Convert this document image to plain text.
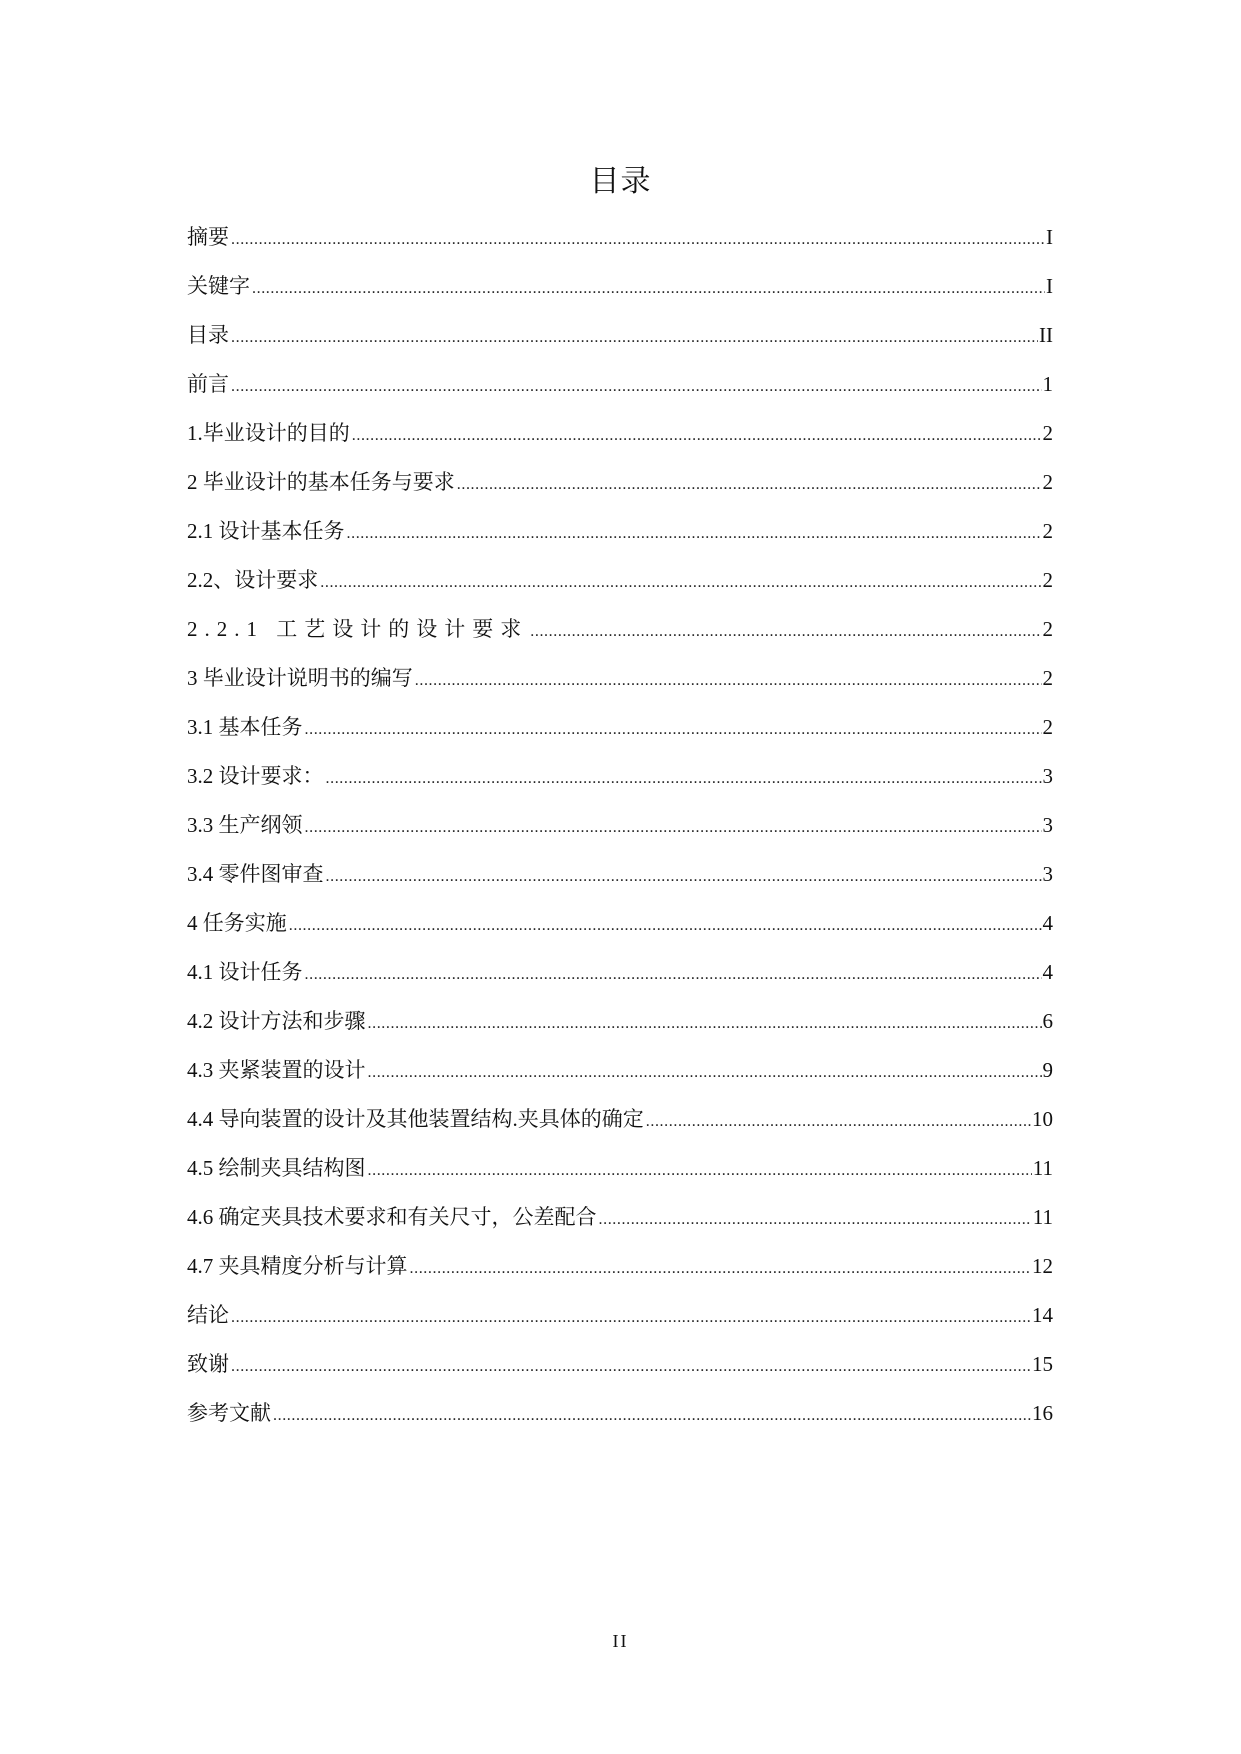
目录
摘要 .....	I
关键字 .....	I
目录 .....	II
前言 .....	1
1.毕业设计的目的 .....	2
2 毕业设计的基本任务与要求 .....	2
2.1 设计基本任务 .....	2
2.2、设计要求 .....	2
2.2.1 工艺设计的设计要求 .....	2
3 毕业设计说明书的编写 .....	2
3.1 基本任务 .....	2
3.2 设计要求： .....	3
3.3 生产纲领 .....	3
3.4 零件图审查 .....	3
4 任务实施 .....	4
4.1 设计任务 .....	4
4.2 设计方法和步骤 .....	6
4.3 夹紧装置的设计 .....	9
4.4 导向装置的设计及其他装置结构.夹具体的确定 .....	10
4.5 绘制夹具结构图 .....	11
4.6 确定夹具技术要求和有关尺寸，公差配合 .....	11
4.7 夹具精度分析与计算 .....	12
结论 .....	14
致谢 .....	15
参考文献 .....	16
II
